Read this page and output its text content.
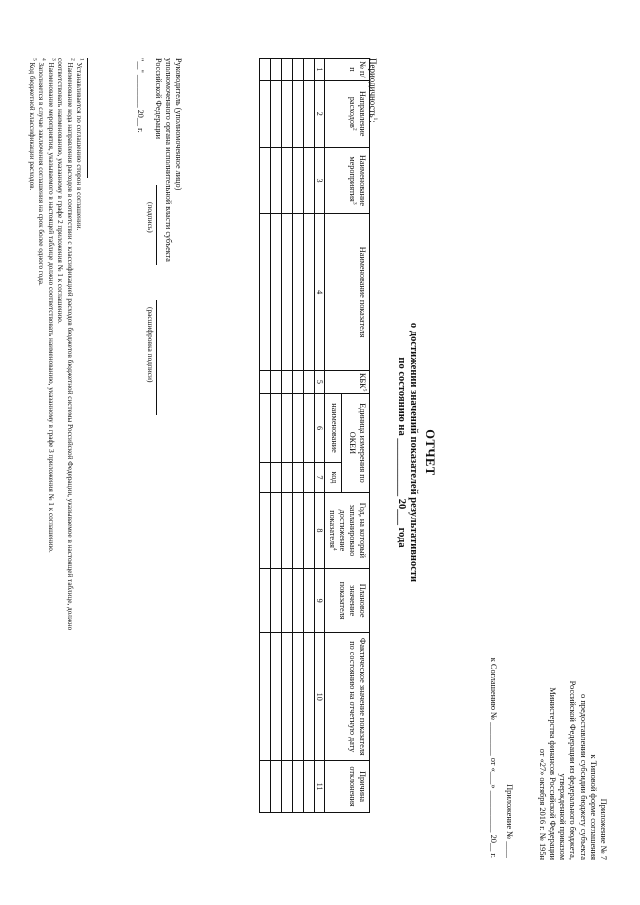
Приложение № 7
к Типовой форме соглашения
о предоставлении субсидии бюджету субъекта
Российской Федерации из федерального бюджета,
утвержденной приказом
Министерства финансов Российской Федерации
от «27» октября 2016 г. № 195н
Приложение № ____
к Соглашению № ________ от «___» __________ 20__ г.
ОТЧЕТ
о достижении значений показателей результативности
по состоянию на ___________ 20___ года
Периодичность$^1$: ______
№ п/п	Направление расходов$^2$	Наименование мероприятия$^3$	Наименование показателя	КБК$^5$	Единица измерения по ОКЕИ		Год, на который запланировано достижение показателя$^4$	Плановое значение показателя	Фактическое значение показателя по состоянию на отчетную дату	Причина отклонения
					наименование	код				
1	2	3	4	5	6	7	8	9	10	11

Руководитель (уполномоченное лицо)
уполномоченного органа исполнительной власти субъекта
Российской Федерации
(подпись)
(расшифровка подписи)
"__" ________ 20__ г.
$^1$ Устанавливается по соглашению сторон в соглашении.
$^2$ Наименование кода направления расходов в соответствии с классификацией расходов бюджетов бюджетной системы Российской Федерации, указываемое в настоящей таблице, должно
соответствовать наименованию, указанному в графе 2 приложения № 1 к соглашению.
$^3$ Наименование мероприятия, указываемого в настоящей таблице должно соответствовать наименованию, указанному в графе 3 приложения № 1 к соглашению.
$^4$ Заполняется в случае заключения соглашения на срок более одного года.
$^5$ Код бюджетной классификации расходов.
